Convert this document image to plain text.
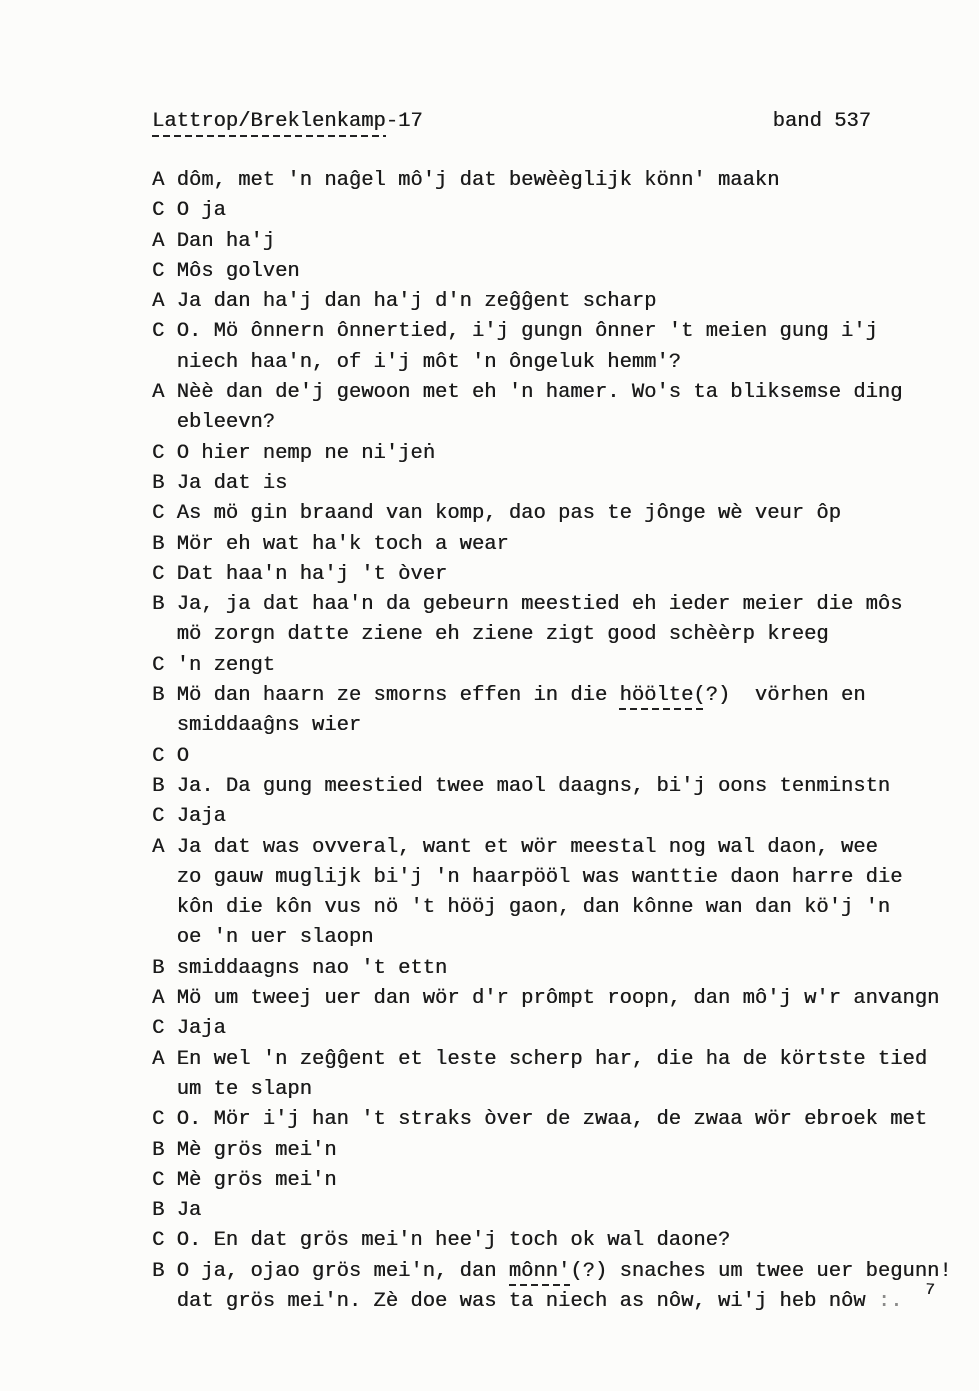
Lattrop/Breklenkamp-17	band 537
A dôm, met 'n naĝel mô'j dat bewèèglijk könn' maakn
C O ja
A Dan ha'j
C Môs golven
A Ja dan ha'j dan ha'j d'n zeĝĝent scharp
C O. Mö ônnern ônnertied, i'j gungn ônner 't meien gung i'j
niech haa'n, of i'j môt 'n ôngeluk hemm'?
A Nèè dan de'j gewoon met eh 'n hamer. Wo's ta bliksemse ding
ebleevn?
C O hier nemp ne ni'jeṅ
B Ja dat is
C As mö gin braand van komp, dao pas te jônge wè veur ôp
B Mör eh wat ha'k toch a wear
C Dat haa'n ha'j 't òver
B Ja, ja dat haa'n da gebeurn meestied eh ieder meier die môs
mö zorgn datte ziene eh ziene zigt good schèèrp kreeg
C 'n zengt
B Mö dan haarn ze smorns effen in die höölte(?)  vörhen en
smiddaaĝns wier
C O
B Ja. Da gung meestied twee maol daagns, bi'j oons tenminstn
C Jaja
A Ja dat was ovveral, want et wör meestal nog wal daon, wee
zo gauw muglijk bi'j 'n haarpööl was wanttie daon harre die
kôn die kôn vus nö 't hööj gaon, dan kônne wan dan kö'j 'n
oe 'n uer slaopn
B smiddaagns nao 't ettn
A Mö um tweej uer dan wör d'r prômpt roopn, dan mô'j w'r anvangn
C Jaja
A En wel 'n zeĝĝent et leste scherp har, die ha de körtste tied
um te slapn
C O. Mör i'j han 't straks òver de zwaa, de zwaa wör ebroek met
B Mè grös mei'n
C Mè grös mei'n
B Ja
C O. En dat grös mei'n hee'j toch ok wal daone?
B O ja, ojao grös mei'n, dan mônn'(?) snaches um twee uer begunn!
dat grös mei'n. Zè doe was ta niech as nôw, wi'j heb nôw :.	7
